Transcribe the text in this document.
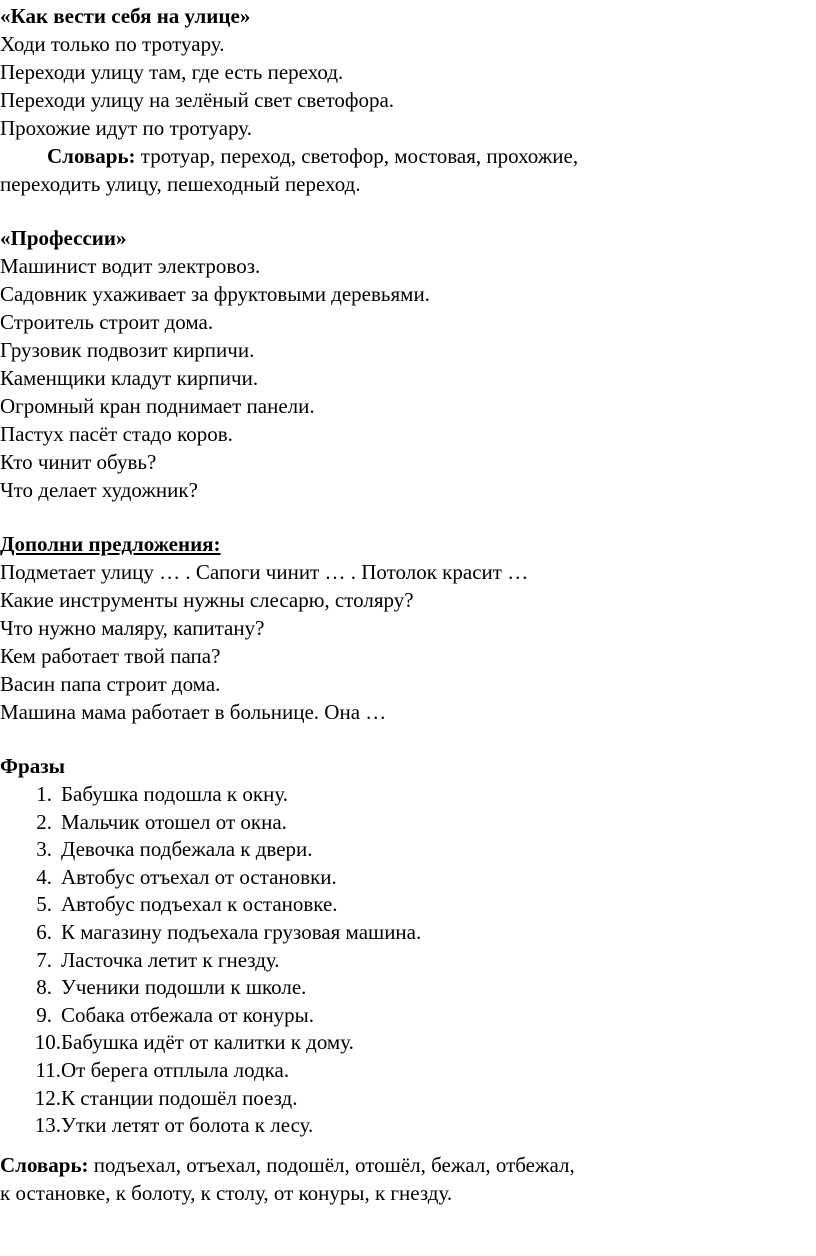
«Как вести себя на улице»
Ходи только по тротуару.
Переходи улицу там, где есть переход.
Переходи улицу на зелёный свет светофора.
Прохожие идут по тротуару.
Словарь: тротуар, переход, светофор, мостовая, прохожие,
переходить улицу, пешеходный переход.
«Профессии»
Машинист водит электровоз.
Садовник ухаживает за фруктовыми деревьями.
Строитель строит дома.
Грузовик подвозит кирпичи.
Каменщики кладут кирпичи.
Огромный кран поднимает панели.
Пастух пасёт стадо коров.
Кто чинит обувь?
Что делает художник?
Дополни предложения:
Подметает улицу … . Сапоги чинит … . Потолок красит …
Какие инструменты нужны слесарю, столяру?
Что нужно маляру, капитану?
Кем работает твой папа?
Васин папа строит дома.
Машина мама работает в больнице. Она …
Фразы
1. Бабушка подошла к окну.
2. Мальчик отошел от окна.
3. Девочка подбежала к двери.
4. Автобус отъехал от остановки.
5. Автобус подъехал к остановке.
6. К магазину подъехала грузовая машина.
7. Ласточка летит к гнезду.
8. Ученики подошли к школе.
9. Собака отбежала от конуры.
10. Бабушка идёт от калитки к дому.
11. От берега отплыла лодка.
12. К станции подошёл поезд.
13. Утки летят от болота к лесу.
Словарь: подъехал, отъехал, подошёл, отошёл, бежал, отбежал,
к остановке, к болоту, к столу, от конуры, к гнезду.
